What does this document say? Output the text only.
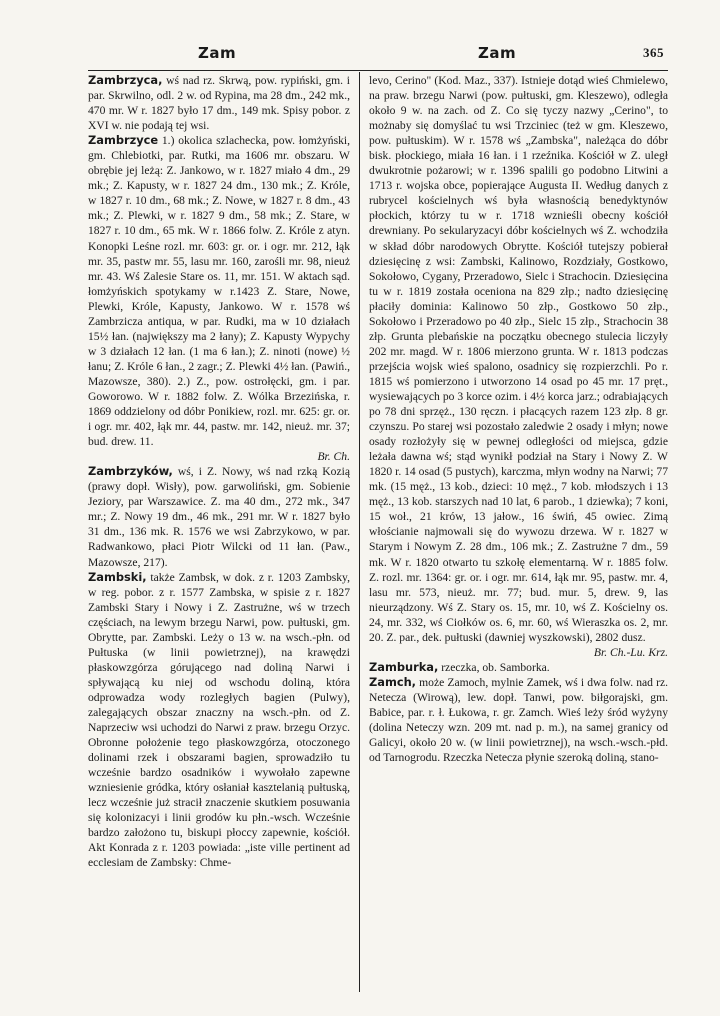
Zam	Zam	365

Zambrzyca, wś nad rz. Skrwą, pow. rypiński, gm. i par. Skrwilno, odl. 2 w. od Rypina, ma 28 dm., 242 mk., 470 mr. W r. 1827 było 17 dm., 149 mk. Spisy pobor. z XVI w. nie podają tej wsi.

Zambrzyce 1.) okolica szlachecka, pow. łomżyński, gm. Chlebiotki, par. Rutki, ma 1606 mr. obszaru. W obrębie jej leżą: Z. Jankowo, w r. 1827 miało 4 dm., 29 mk.; Z. Kapusty, w r. 1827 24 dm., 130 mk.; Z. Króle, w 1827 r. 10 dm., 68 mk.; Z. Nowe, w 1827 r. 8 dm., 43 mk.; Z. Plewki, w r. 1827 9 dm., 58 mk.; Z. Stare, w 1827 r. 10 dm., 65 mk. W r. 1866 folw. Z. Króle z atyn. Konopki Leśne rozl. mr. 603: gr. or. i ogr. mr. 212, łąk mr. 35, pastw mr. 55, lasu mr. 160, zarośli mr. 98, nieuż mr. 43. Wś Zalesie Stare os. 11, mr. 151. W aktach sąd. łomżyńskich spotykamy w r.1423 Z. Stare, Nowe, Plewki, Króle, Kapusty, Jankowo. W r. 1578 wś Zambrzicza antiqua, w par. Rudki, ma w 10 działach 15½ łan. (największy ma 2 łany); Z. Kapusty Wypychy w 3 działach 12 łan. (1 ma 6 łan.); Z. ninoti (nowe) ½ łanu; Z. Króle 6 łan., 2 zagr.; Z. Plewki 4½ łan. (Pawiń., Mazowsze, 380). 2.) Z., pow. ostrołęcki, gm. i par. Goworowo. W r. 1882 folw. Z. Wólka Brzezińska, r. 1869 oddzielony od dóbr Ponikiew, rozl. mr. 625: gr. or. i ogr. mr. 402, łąk mr. 44, pastw. mr. 142, nieuż. mr. 37; bud. drew. 11.
Br. Ch.

Zambrzyków, wś, i Z. Nowy, wś nad rzką Kozią (prawy dopł. Wisły), pow. garwoliński, gm. Sobienie Jeziory, par Warszawice. Z. ma 40 dm., 272 mk., 347 mr.; Z. Nowy 19 dm., 46 mk., 291 mr. W r. 1827 było 31 dm., 136 mk. R. 1576 we wsi Zabrzykowo, w par. Radwankowo, płaci Piotr Wilcki od 11 łan. (Paw., Mazowsze, 217).

Zambski, także Zambsk, w dok. z r. 1203 Zambsky, w reg. pobor. z r. 1577 Zambska, w spisie z r. 1827 Zambski Stary i Nowy i Z. Zastrużne, wś w trzech częściach, na lewym brzegu Narwi, pow. pułtuski, gm. Obrytte, par. Zambski. Leży o 13 w. na wsch.-płn. od Pułtuska (w linii powietrznej), na krawędzi płaskowzgórza górującego nad doliną Narwi i spływającą ku niej od wschodu doliną, która odprowadza wody rozległych bagien (Pulwy), zalegających obszar znaczny na wsch.-płn. od Z. Naprzeciw wsi uchodzi do Narwi z praw. brzegu Orzyc. Obronne położenie tego płaskowzgórza, otoczonego dolinami rzek i obszarami bagien, sprowadziło tu wcześnie bardzo osadników i wywołało zapewne wzniesienie gródka, który osłaniał kasztelanią pułtuską, lecz wcześnie już stracił znaczenie skutkiem posuwania się kolonizacyi i linii grodów ku płn.-wsch. Wcześnie bardzo założono tu, biskupi płoccy zapewnie, kościół. Akt Konrada z r. 1203 powiada: „iste ville pertinent ad ecclesiam de Zambsky: Chme-

levo, Cerino" (Kod. Maz., 337). Istnieje dotąd wieś Chmielewo, na praw. brzegu Narwi (pow. pułtuski, gm. Kleszewo), odległa około 9 w. na zach. od Z. Co się tyczy nazwy „Cerino", to możnaby się domyślać tu wsi Trzciniec (też w gm. Kleszewo, pow. pułtuskim). W r. 1578 wś „Zambska", należąca do dóbr bisk. płockiego, miała 16 łan. i 1 rzeźnika. Kościół w Z. uległ dwukrotnie pożarowi; w r. 1396 spalili go podobno Litwini a 1713 r. wojska obce, popierające Augusta II. Według danych z rubrycel kościelnych wś była własnością benedyktynów płockich, którzy tu w r. 1718 wznieśli obecny kościół drewniany. Po sekularyzacyi dóbr kościelnych wś Z. wchodziła w skład dóbr narodowych Obrytte. Kościół tutejszy pobierał dziesięcinę z wsi: Zambski, Kalinowo, Rozdziały, Gostkowo, Sokołowo, Cygany, Przeradowo, Sielc i Strachocin. Dziesięcina tu w r. 1819 została oceniona na 829 złp.; nadto dziesięcinę płaciły dominia: Kalinowo 50 złp., Gostkowo 50 złp., Sokołowo i Przeradowo po 40 złp., Sielc 15 złp., Strachocin 38 złp. Grunta plebańskie na początku obecnego stulecia liczyły 202 mr. magd. W r. 1806 mierzono grunta. W r. 1813 podczas przejścia wojsk wieś spalono, osadnicy się rozpierzchli. Po r. 1815 wś pomierzono i utworzono 14 osad po 45 mr. 17 pręt., wysiewających po 3 korce ozim. i 4½ korca jarz.; odrabiających po 78 dni sprzęż., 130 ręczn. i płacących razem 123 złp. 8 gr. czynszu. Po starej wsi pozostało zaledwie 2 osady i młyn; nowe osady rozłożyły się w pewnej odległości od miejsca, gdzie leżała dawna wś; stąd wynikł podział na Stary i Nowy Z. W 1820 r. 14 osad (5 pustych), karczma, młyn wodny na Narwi; 77 mk. (15 męż., 13 kob., dzieci: 10 męż., 7 kob. młodszych i 13 męż., 13 kob. starszych nad 10 lat, 6 parob., 1 dziewka); 7 koni, 15 woł., 21 krów, 13 jałow., 16 świń, 45 owiec. Zimą włościanie najmowali się do wywozu drzewa. W r. 1827 w Starym i Nowym Z. 28 dm., 106 mk.; Z. Zastrużne 7 dm., 59 mk. W r. 1820 otwarto tu szkołę elementarną. W r. 1885 folw. Z. rozl. mr. 1364: gr. or. i ogr. mr. 614, łąk mr. 95, pastw. mr. 4, lasu mr. 573, nieuż. mr. 77; bud. mur. 5, drew. 9, las nieurządzony. Wś Z. Stary os. 15, mr. 10, wś Z. Kościelny os. 24, mr. 332, wś Ciołków os. 6, mr. 60, wś Wieraszka os. 2, mr. 20. Z. par., dek. pułtuski (dawniej wyszkowski), 2802 dusz.
Br. Ch.-Lu. Krz.

Zamburka, rzeczka, ob. Samborka.

Zamch, może Zamoch, mylnie Zamek, wś i dwa folw. nad rz. Netecza (Wirową), lew. dopł. Tanwi, pow. biłgorajski, gm. Babice, par. r. ł. Łukowa, r. gr. Zamch. Wieś leży śród wyżyny (dolina Neteczy wzn. 209 mt. nad p. m.), na samej granicy od Galicyi, około 20 w. (w linii powietrznej), na wsch.-wsch.-płd. od Tarnogrodu. Rzeczka Netecza płynie szeroką doliną, stano-
